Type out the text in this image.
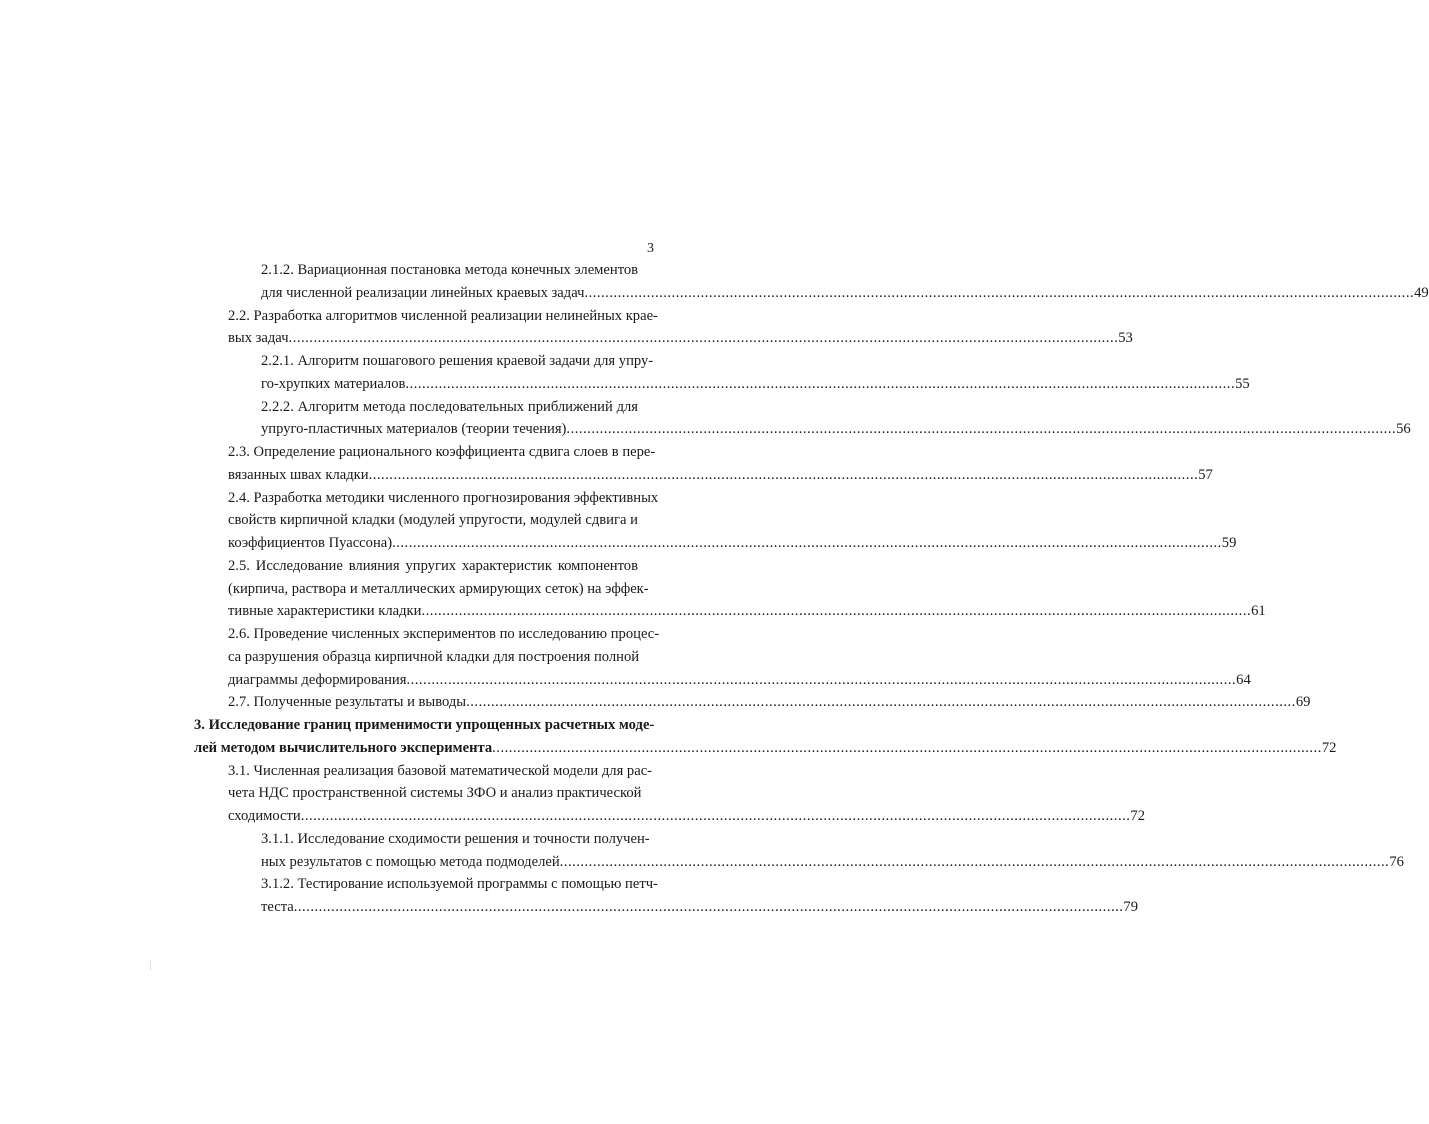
3
2.1.2. Вариационная постановка метода конечных элементов
для численной реализации линейных краевых задач ........................................................................................................................................................................................................ 49
2.2. Разработка алгоритмов численной реализации нелинейных крае-
вых задач ........................................................................................................................................................................................................ 53
2.2.1. Алгоритм пошагового решения краевой задачи для упру-
го-хрупких материалов ........................................................................................................................................................................................................ 55
2.2.2. Алгоритм метода последовательных приближений для
упруго-пластичных материалов (теории течения) ........................................................................................................................................................................................................ 56
2.3. Определение рационального коэффициента сдвига слоев в пере-
вязанных швах кладки ........................................................................................................................................................................................................ 57
2.4. Разработка методики численного прогнозирования эффективных
свойств кирпичной кладки (модулей упругости, модулей сдвига и
коэффициентов Пуассона) ........................................................................................................................................................................................................ 59
2.5. Исследование влияния упругих характеристик компонентов
(кирпича, раствора и металлических армирующих сеток) на эффек-
тивные характеристики кладки ........................................................................................................................................................................................................ 61
2.6. Проведение численных экспериментов по исследованию процес-
са разрушения образца кирпичной кладки для построения полной
диаграммы деформирования ........................................................................................................................................................................................................ 64
2.7. Полученные результаты и выводы ........................................................................................................................................................................................................ 69
3. Исследование границ применимости упрощенных расчетных моде-
лей методом вычислительного эксперимента ........................................................................................................................................................................................................ 72
3.1. Численная реализация базовой математической модели для рас-
чета НДС пространственной системы ЗФО и анализ практической
сходимости ........................................................................................................................................................................................................ 72
3.1.1. Исследование сходимости решения и точности получен-
ных результатов с помощью метода подмоделей ........................................................................................................................................................................................................ 76
3.1.2. Тестирование используемой программы с помощью петч-
теста ........................................................................................................................................................................................................ 79
